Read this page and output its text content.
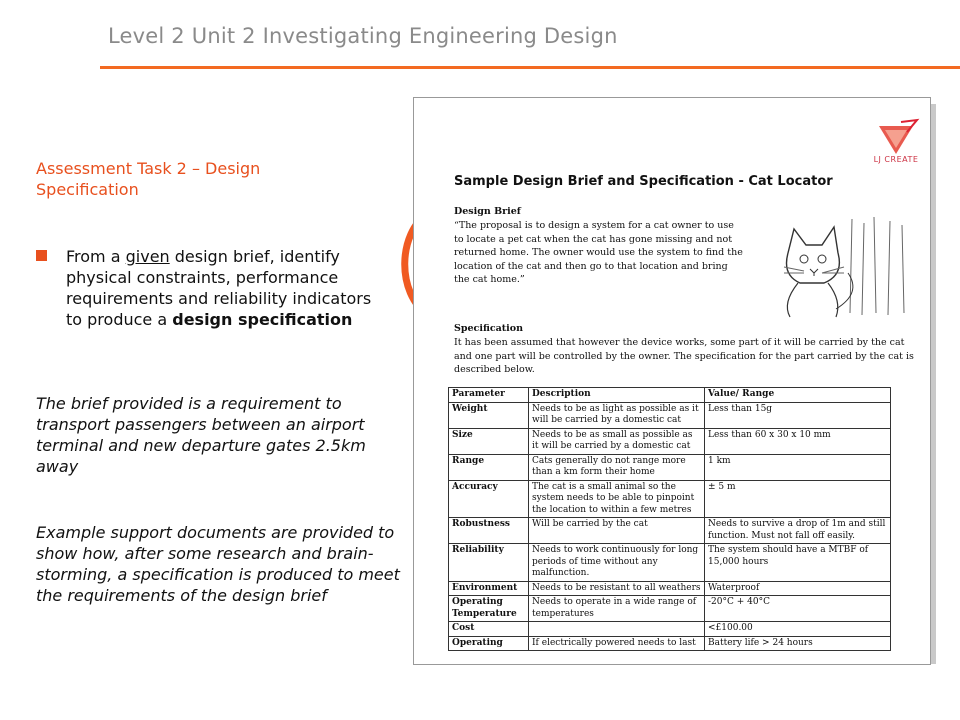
Level 2 Unit 2 Investigating Engineering Design
Assessment Task 2 – Design Specification
From a given design brief, identify physical constraints, performance requirements and reliability indicators to produce a design specification
The brief provided is a requirement to transport passengers between an airport terminal and new departure gates 2.5km away
Example support documents are provided to show how, after some research and brain-storming, a specification is produced to meet the requirements of the design brief
LJ CREATE
Sample Design Brief and Specification - Cat Locator
Design Brief
“The proposal is to design a system for a cat owner to use to locate a pet cat when the cat has gone missing and not returned home. The owner would use the system to find the location of the cat and then go to that location and bring the cat home.”
Specification
It has been assumed that however the device works, some part of it will be carried by the cat and one part will be controlled by the owner. The specification for the part carried by the cat is described below.
Parameter	Description	Value/ Range
Weight	Needs to be as light as possible as it will be carried by a domestic cat	Less than 15g
Size	Needs to be as small as possible as it will be carried by a domestic cat	Less than 60 x 30 x 10 mm
Range	Cats generally do not range more than a km form their home	1 km
Accuracy	The cat is a small animal so the system needs to be able to pinpoint the location to within a few metres	± 5 m
Robustness	Will be carried by the cat	Needs to survive a drop of 1m and still function. Must not fall off easily.
Reliability	Needs to work continuously for long periods of time without any malfunction.	The system should have a MTBF of 15,000 hours
Environment	Needs to be resistant to all weathers	Waterproof
Operating Temperature	Needs to operate in a wide range of temperatures	-20°C + 40°C
Cost		<£100.00
Operating	If electrically powered needs to last	Battery life > 24 hours
